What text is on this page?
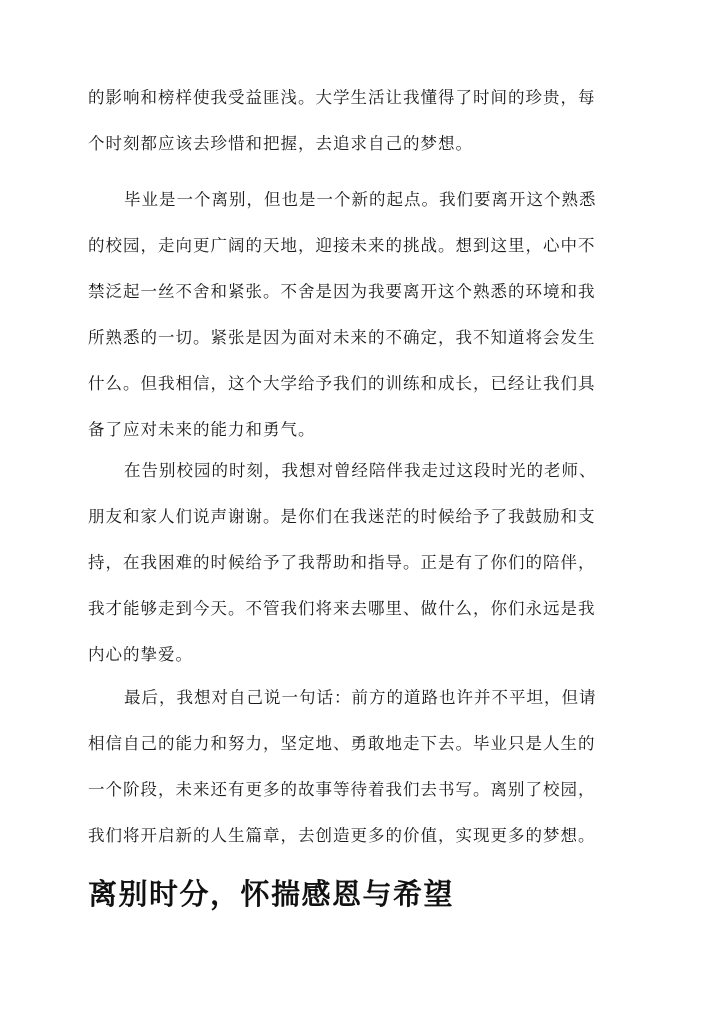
的影响和榜样使我受益匪浅。大学生活让我懂得了时间的珍贵，每
个时刻都应该去珍惜和把握，去追求自己的梦想。
毕业是一个离别，但也是一个新的起点。我们要离开这个熟悉
的校园，走向更广阔的天地，迎接未来的挑战。想到这里，心中不
禁泛起一丝不舍和紧张。不舍是因为我要离开这个熟悉的环境和我
所熟悉的一切。紧张是因为面对未来的不确定，我不知道将会发生
什么。但我相信，这个大学给予我们的训练和成长，已经让我们具
备了应对未来的能力和勇气。
在告别校园的时刻，我想对曾经陪伴我走过这段时光的老师、
朋友和家人们说声谢谢。是你们在我迷茫的时候给予了我鼓励和支
持，在我困难的时候给予了我帮助和指导。正是有了你们的陪伴，
我才能够走到今天。不管我们将来去哪里、做什么，你们永远是我
内心的挚爱。
最后，我想对自己说一句话：前方的道路也许并不平坦，但请
相信自己的能力和努力，坚定地、勇敢地走下去。毕业只是人生的
一个阶段，未来还有更多的故事等待着我们去书写。离别了校园，
我们将开启新的人生篇章，去创造更多的价值，实现更多的梦想。
离别时分，怀揣感恩与希望
